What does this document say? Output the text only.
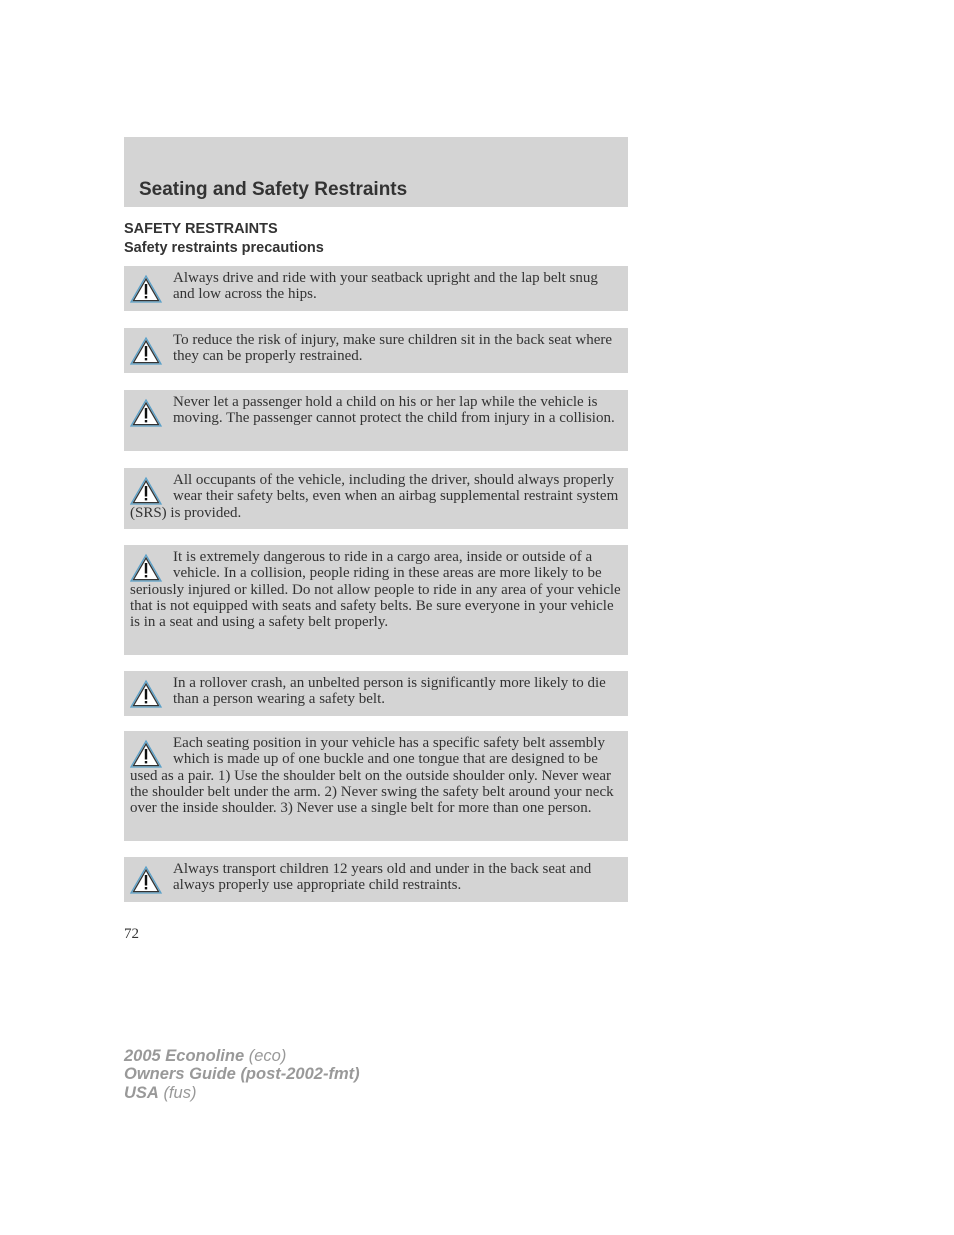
Seating and Safety Restraints
SAFETY RESTRAINTS
Safety restraints precautions

Always drive and ride with your seatback upright and the lap belt snug and low across the hips.

To reduce the risk of injury, make sure children sit in the back seat where they can be properly restrained.

Never let a passenger hold a child on his or her lap while the vehicle is moving. The passenger cannot protect the child from injury in a collision.

All occupants of the vehicle, including the driver, should always properly wear their safety belts, even when an airbag supplemental restraint system (SRS) is provided.

It is extremely dangerous to ride in a cargo area, inside or outside of a vehicle. In a collision, people riding in these areas are more likely to be seriously injured or killed. Do not allow people to ride in any area of your vehicle that is not equipped with seats and safety belts. Be sure everyone in your vehicle is in a seat and using a safety belt properly.

In a rollover crash, an unbelted person is significantly more likely to die than a person wearing a safety belt.

Each seating position in your vehicle has a specific safety belt assembly which is made up of one buckle and one tongue that are designed to be used as a pair. 1) Use the shoulder belt on the outside shoulder only. Never wear the shoulder belt under the arm. 2) Never swing the safety belt around your neck over the inside shoulder. 3) Never use a single belt for more than one person.

Always transport children 12 years old and under in the back seat and always properly use appropriate child restraints.

72
2005 Econoline (eco)
Owners Guide (post-2002-fmt)
USA (fus)
